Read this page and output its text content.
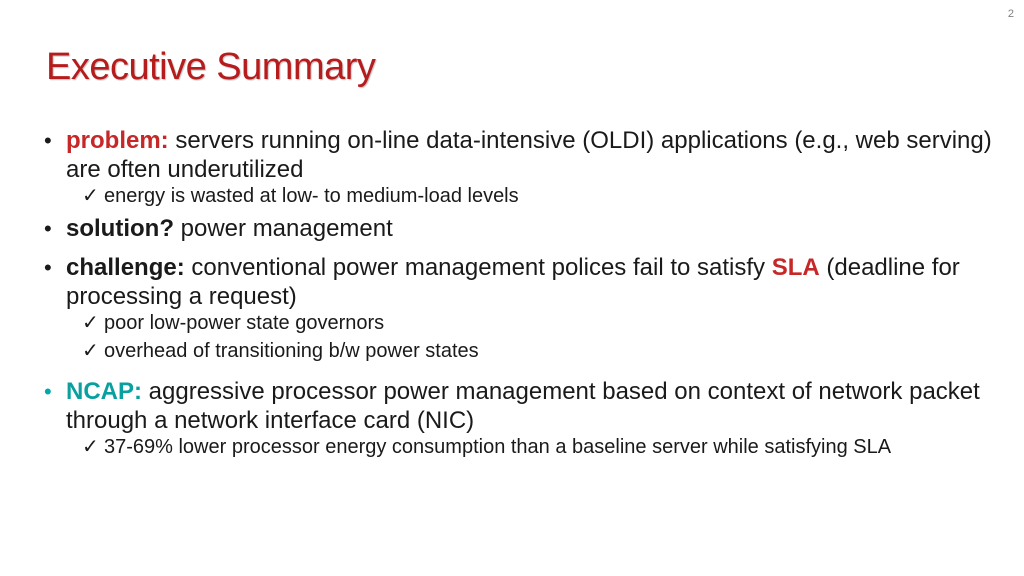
2
Executive Summary
• problem: servers running on-line data-intensive (OLDI) applications (e.g., web serving) are often underutilized
✓ energy is wasted at low- to medium-load levels
• solution? power management
• challenge: conventional power management polices fail to satisfy SLA (deadline for processing a request)
✓ poor low-power state governors
✓ overhead of transitioning b/w power states
• NCAP: aggressive processor power management based on context of network packet through a network interface card (NIC)
✓ 37-69% lower processor energy consumption than a baseline server while satisfying SLA
